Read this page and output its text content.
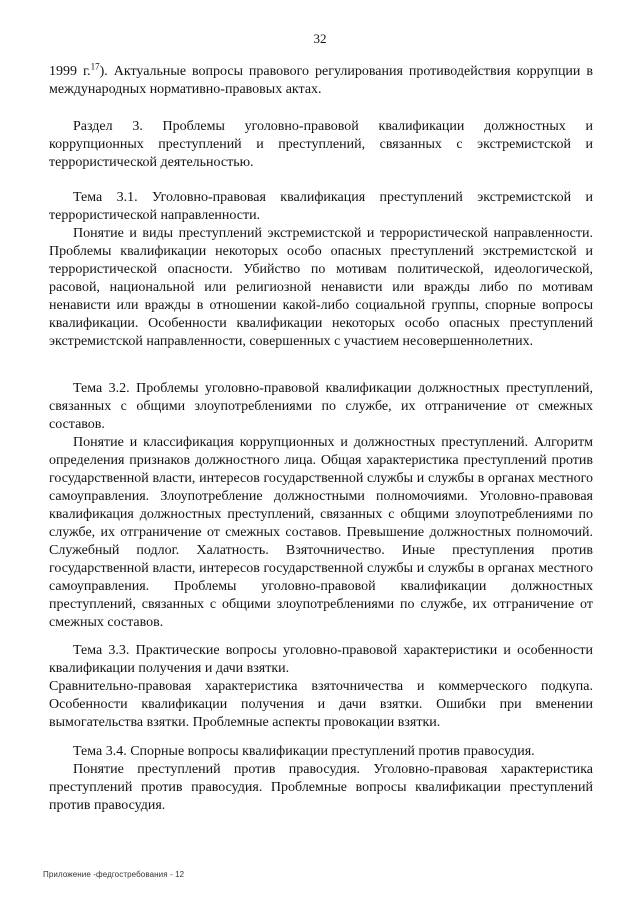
32
1999 г.$^{17}$). Актуальные вопросы правового регулирования противодействия коррупции в международных нормативно-правовых актах.
Раздел 3. Проблемы уголовно-правовой квалификации должностных и коррупционных преступлений и преступлений, связанных с экстремистской и террористической деятельностью.
Тема 3.1. Уголовно-правовая квалификация преступлений экстремистской и террористической направленности.
Понятие и виды преступлений экстремистской и террористической направленности. Проблемы квалификации некоторых особо опасных преступлений экстремистской и террористической опасности. Убийство по мотивам политической, идеологической, расовой, национальной или религиозной ненависти или вражды либо по мотивам ненависти или вражды в отношении какой-либо социальной группы, спорные вопросы квалификации. Особенности квалификации некоторых особо опасных преступлений экстремистской направленности, совершенных с участием несовершеннолетних.
Тема 3.2. Проблемы уголовно-правовой квалификации должностных преступлений, связанных с общими злоупотреблениями по службе, их отграничение от смежных составов.
Понятие и классификация коррупционных и должностных преступлений. Алгоритм определения признаков должностного лица. Общая характеристика преступлений против государственной власти, интересов государственной службы и службы в органах местного самоуправления. Злоупотребление должностными полномочиями. Уголовно-правовая квалификация должностных преступлений, связанных с общими злоупотреблениями по службе, их отграничение от смежных составов. Превышение должностных полномочий. Служебный подлог. Халатность. Взяточничество. Иные преступления против государственной власти, интересов государственной службы и службы в органах местного самоуправления. Проблемы уголовно-правовой квалификации должностных преступлений, связанных с общими злоупотреблениями по службе, их отграничение от смежных составов.
Тема 3.3. Практические вопросы уголовно-правовой характеристики и особенности квалификации получения и дачи взятки.
Сравнительно-правовая характеристика взяточничества и коммерческого подкупа. Особенности квалификации получения и дачи взятки. Ошибки при вменении вымогательства взятки. Проблемные аспекты провокации взятки.
Тема 3.4. Спорные вопросы квалификации преступлений против правосудия.
Понятие преступлений против правосудия. Уголовно-правовая характеристика преступлений против правосудия. Проблемные вопросы квалификации преступлений против правосудия.
Приложение -федгостребования - 12
